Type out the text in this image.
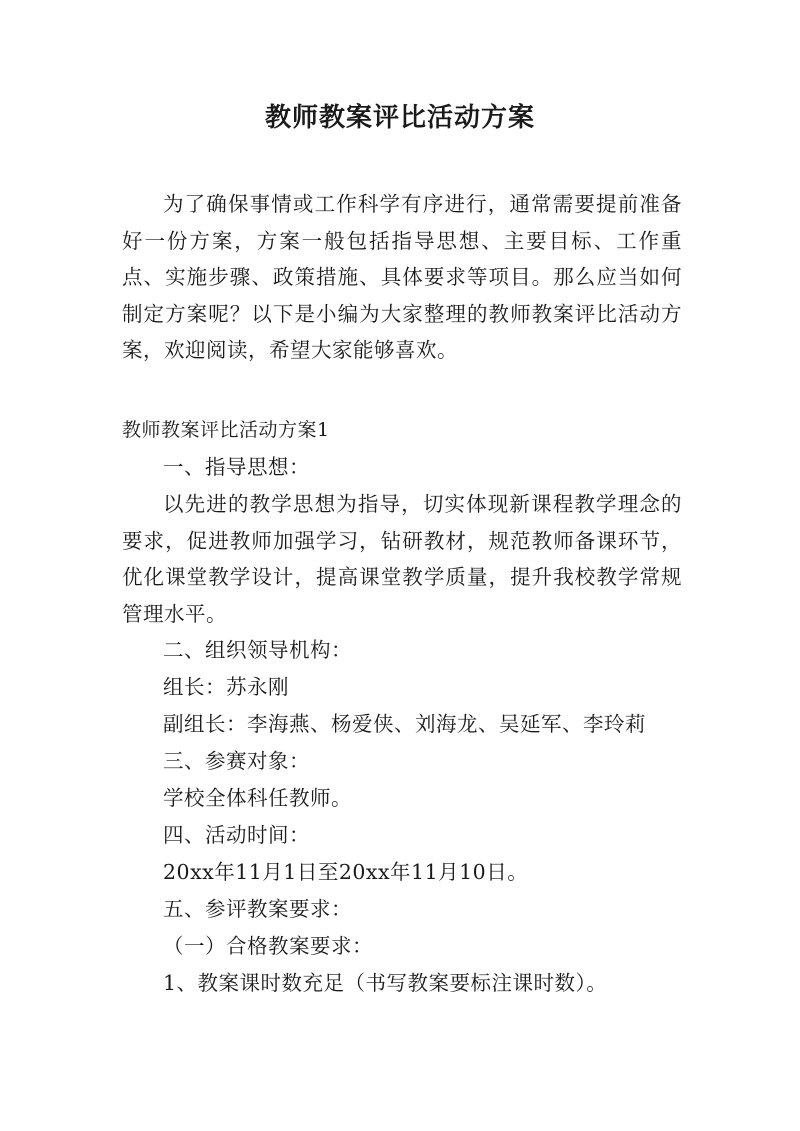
教师教案评比活动方案

为了确保事情或工作科学有序进行，通常需要提前准备好一份方案，方案一般包括指导思想、主要目标、工作重点、实施步骤、政策措施、具体要求等项目。那么应当如何制定方案呢？以下是小编为大家整理的教师教案评比活动方案，欢迎阅读，希望大家能够喜欢。

教师教案评比活动方案1

一、指导思想：

以先进的教学思想为指导，切实体现新课程教学理念的要求，促进教师加强学习，钻研教材，规范教师备课环节，优化课堂教学设计，提高课堂教学质量，提升我校教学常规管理水平。

二、组织领导机构：

组长：苏永刚

副组长：李海燕、杨爱侠、刘海龙、吴延军、李玲莉

三、参赛对象：

学校全体科任教师。

四、活动时间：

20xx年11月1日至20xx年11月10日。

五、参评教案要求：

（一）合格教案要求：

1、教案课时数充足（书写教案要标注课时数）。
